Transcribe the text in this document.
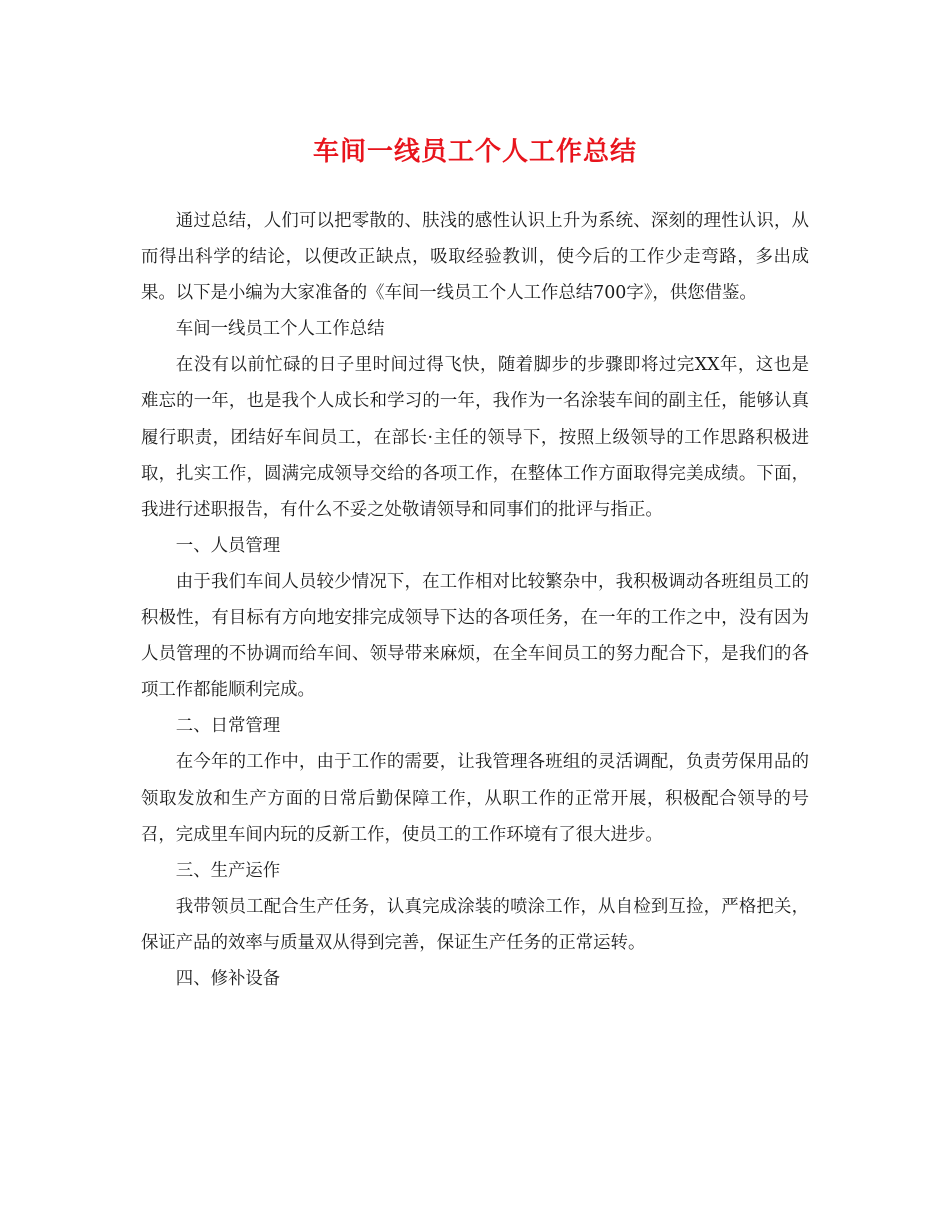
车间一线员工个人工作总结

通过总结，人们可以把零散的、肤浅的感性认识上升为系统、深刻的理性认识，从而得出科学的结论，以便改正缺点，吸取经验教训，使今后的工作少走弯路，多出成果。以下是小编为大家准备的《车间一线员工个人工作总结700字》，供您借鉴。

车间一线员工个人工作总结

在没有以前忙碌的日子里时间过得飞快，随着脚步的步骤即将过完XX年，这也是难忘的一年，也是我个人成长和学习的一年，我作为一名涂装车间的副主任，能够认真履行职责，团结好车间员工，在部长·主任的领导下，按照上级领导的工作思路积极进取，扎实工作，圆满完成领导交给的各项工作，在整体工作方面取得完美成绩。下面，我进行述职报告，有什么不妥之处敬请领导和同事们的批评与指正。

一、人员管理

由于我们车间人员较少情况下，在工作相对比较繁杂中，我积极调动各班组员工的积极性，有目标有方向地安排完成领导下达的各项任务，在一年的工作之中，没有因为人员管理的不协调而给车间、领导带来麻烦，在全车间员工的努力配合下，是我们的各项工作都能顺利完成。

二、日常管理

在今年的工作中，由于工作的需要，让我管理各班组的灵活调配，负责劳保用品的领取发放和生产方面的日常后勤保障工作，从职工作的正常开展，积极配合领导的号召，完成里车间内玩的反新工作，使员工的工作环境有了很大进步。

三、生产运作

我带领员工配合生产任务，认真完成涂装的喷涂工作，从自检到互捡，严格把关，保证产品的效率与质量双从得到完善，保证生产任务的正常运转。

四、修补设备
